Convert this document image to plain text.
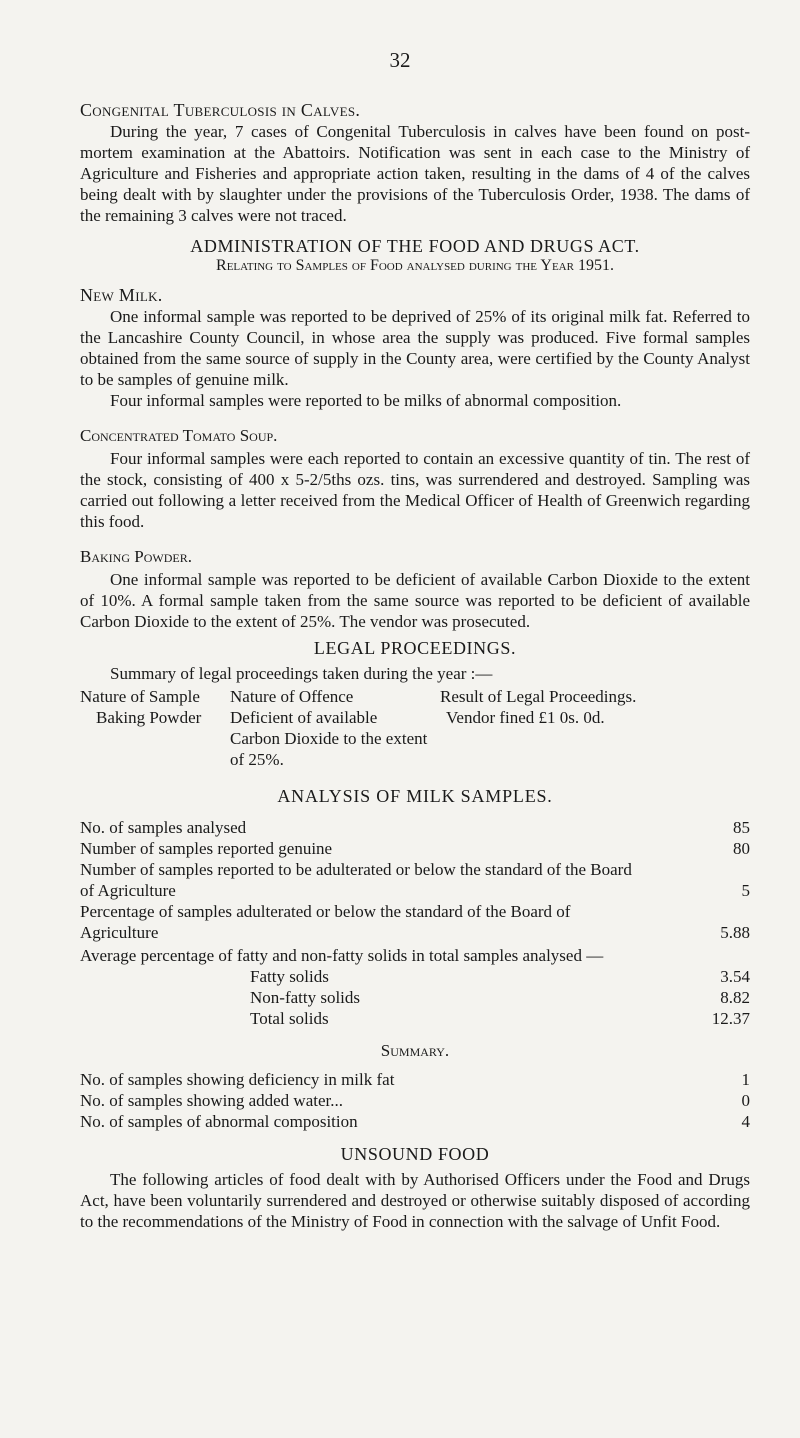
32

Congenital Tuberculosis in Calves.

During the year, 7 cases of Congenital Tuberculosis in calves have been found on post-mortem examination at the Abattoirs. Notification was sent in each case to the Ministry of Agriculture and Fisheries and appropriate action taken, resulting in the dams of 4 of the calves being dealt with by slaughter under the provisions of the Tuberculosis Order, 1938. The dams of the remaining 3 calves were not traced.

ADMINISTRATION OF THE FOOD AND DRUGS ACT.
Relating to Samples of Food analysed during the Year 1951.

New Milk.

One informal sample was reported to be deprived of 25% of its original milk fat. Referred to the Lancashire County Council, in whose area the supply was produced. Five formal samples obtained from the same source of supply in the County area, were certified by the County Analyst to be samples of genuine milk.

Four informal samples were reported to be milks of abnormal composition.

Concentrated Tomato Soup.

Four informal samples were each reported to contain an excessive quantity of tin. The rest of the stock, consisting of 400 x 5-2/5ths ozs. tins, was surrendered and destroyed. Sampling was carried out following a letter received from the Medical Officer of Health of Greenwich regarding this food.

Baking Powder.

One informal sample was reported to be deficient of available Carbon Dioxide to the extent of 10%. A formal sample taken from the same source was reported to be deficient of available Carbon Dioxide to the extent of 25%. The vendor was prosecuted.

LEGAL PROCEEDINGS.

Summary of legal proceedings taken during the year :—

Nature of Sample	Nature of Offence	Result of Legal Proceedings.
Baking Powder	Deficient of available Carbon Dioxide to the extent of 25%.	Vendor fined £1 0s. 0d.
ANALYSIS OF MILK SAMPLES.
No. of samples analysed	85
Number of samples reported genuine	80
Number of samples reported to be adulterated or below the standard of the Board of Agriculture	5
Percentage of samples adulterated or below the standard of the Board of Agriculture	5.88

Average percentage of fatty and non-fatty solids in total samples analysed —

Fatty solids	3.54
Non-fatty solids	8.82
Total solids	12.37
Summary.
No. of samples showing deficiency in milk fat	1
No. of samples showing added water...	0
No. of samples of abnormal composition	4
UNSOUND FOOD

The following articles of food dealt with by Authorised Officers under the Food and Drugs Act, have been voluntarily surrendered and destroyed or otherwise suitably disposed of according to the recommendations of the Ministry of Food in connection with the salvage of Unfit Food.
